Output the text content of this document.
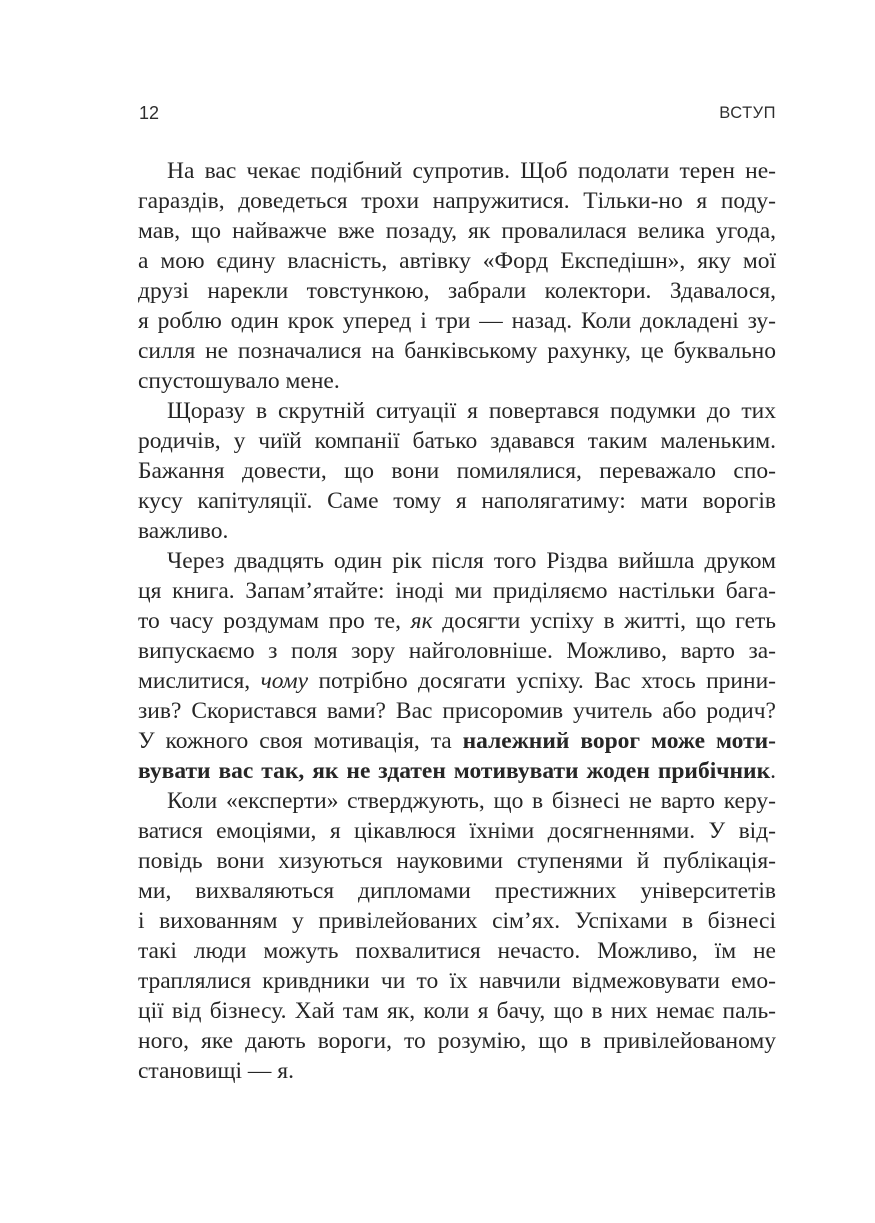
12	ВСТУП
На вас чекає подібний супротив. Щоб подолати терен не-
гараздів, доведеться трохи напружитися. Тільки-но я поду-
мав, що найважче вже позаду, як провалилася велика угода,
а мою єдину власність, автівку «Форд Експедішн», яку мої
друзі нарекли товстункою, забрали колектори. Здавалося,
я роблю один крок уперед і три — назад. Коли докладені зу-
силля не позначалися на банківському рахунку, це буквально
спустошувало мене.
Щоразу в скрутній ситуації я повертався подумки до тих
родичів, у чиїй компанії батько здавався таким маленьким.
Бажання довести, що вони помилялися, переважало спо-
кусу капітуляції. Саме тому я наполягатиму: мати ворогів
важливо.
Через двадцять один рік після того Різдва вийшла друком
ця книга. Запам’ятайте: іноді ми приділяємо настільки бага-
то часу роздумам про те, як досягти успіху в житті, що геть
випускаємо з поля зору найголовніше. Можливо, варто за-
мислитися, чому потрібно досягати успіху. Вас хтось прини-
зив? Скористався вами? Вас присоромив учитель або родич?
У кожного своя мотивація, та належний ворог може моти-
вувати вас так, як не здатен мотивувати жоден прибічник.
Коли «експерти» стверджують, що в бізнесі не варто керу-
ватися емоціями, я цікавлюся їхніми досягненнями. У від-
повідь вони хизуються науковими ступенями й публікація-
ми, вихваляються дипломами престижних університетів
і вихованням у привілейованих сім’ях. Успіхами в бізнесі
такі люди можуть похвалитися нечасто. Можливо, їм не
траплялися кривдники чи то їх навчили відмежовувати емо-
ції від бізнесу. Хай там як, коли я бачу, що в них немає паль-
ного, яке дають вороги, то розумію, що в привілейованому
становищі — я.
